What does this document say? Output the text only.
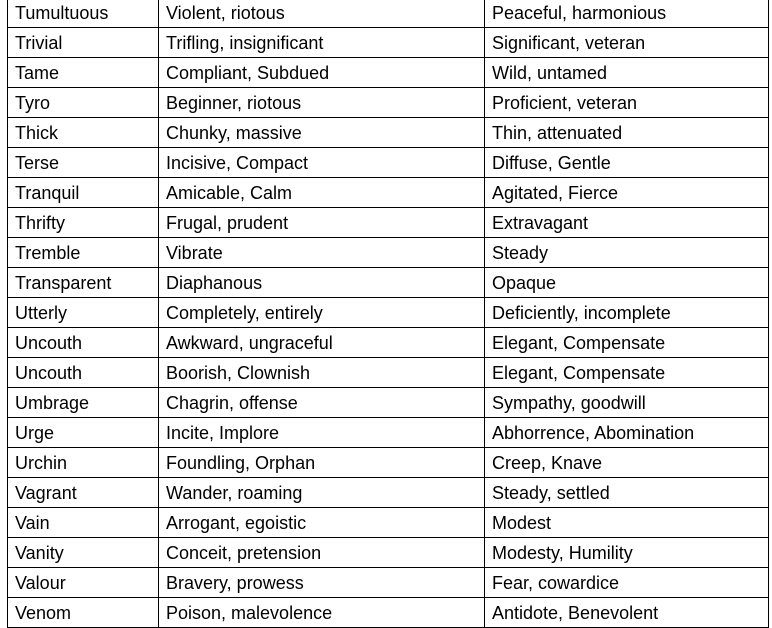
Tumultuous	Violent, riotous	Peaceful, harmonious
Trivial	Trifling, insignificant	Significant, veteran
Tame	Compliant, Subdued	Wild, untamed
Tyro	Beginner, riotous	Proficient, veteran
Thick	Chunky, massive	Thin, attenuated
Terse	Incisive, Compact	Diffuse, Gentle
Tranquil	Amicable, Calm	Agitated, Fierce
Thrifty	Frugal, prudent	Extravagant
Tremble	Vibrate	Steady
Transparent	Diaphanous	Opaque
Utterly	Completely, entirely	Deficiently, incomplete
Uncouth	Awkward, ungraceful	Elegant, Compensate
Uncouth	Boorish, Clownish	Elegant, Compensate
Umbrage	Chagrin, offense	Sympathy, goodwill
Urge	Incite, Implore	Abhorrence, Abomination
Urchin	Foundling, Orphan	Creep, Knave
Vagrant	Wander, roaming	Steady, settled
Vain	Arrogant, egoistic	Modest
Vanity	Conceit, pretension	Modesty, Humility
Valour	Bravery, prowess	Fear, cowardice
Venom	Poison, malevolence	Antidote, Benevolent
